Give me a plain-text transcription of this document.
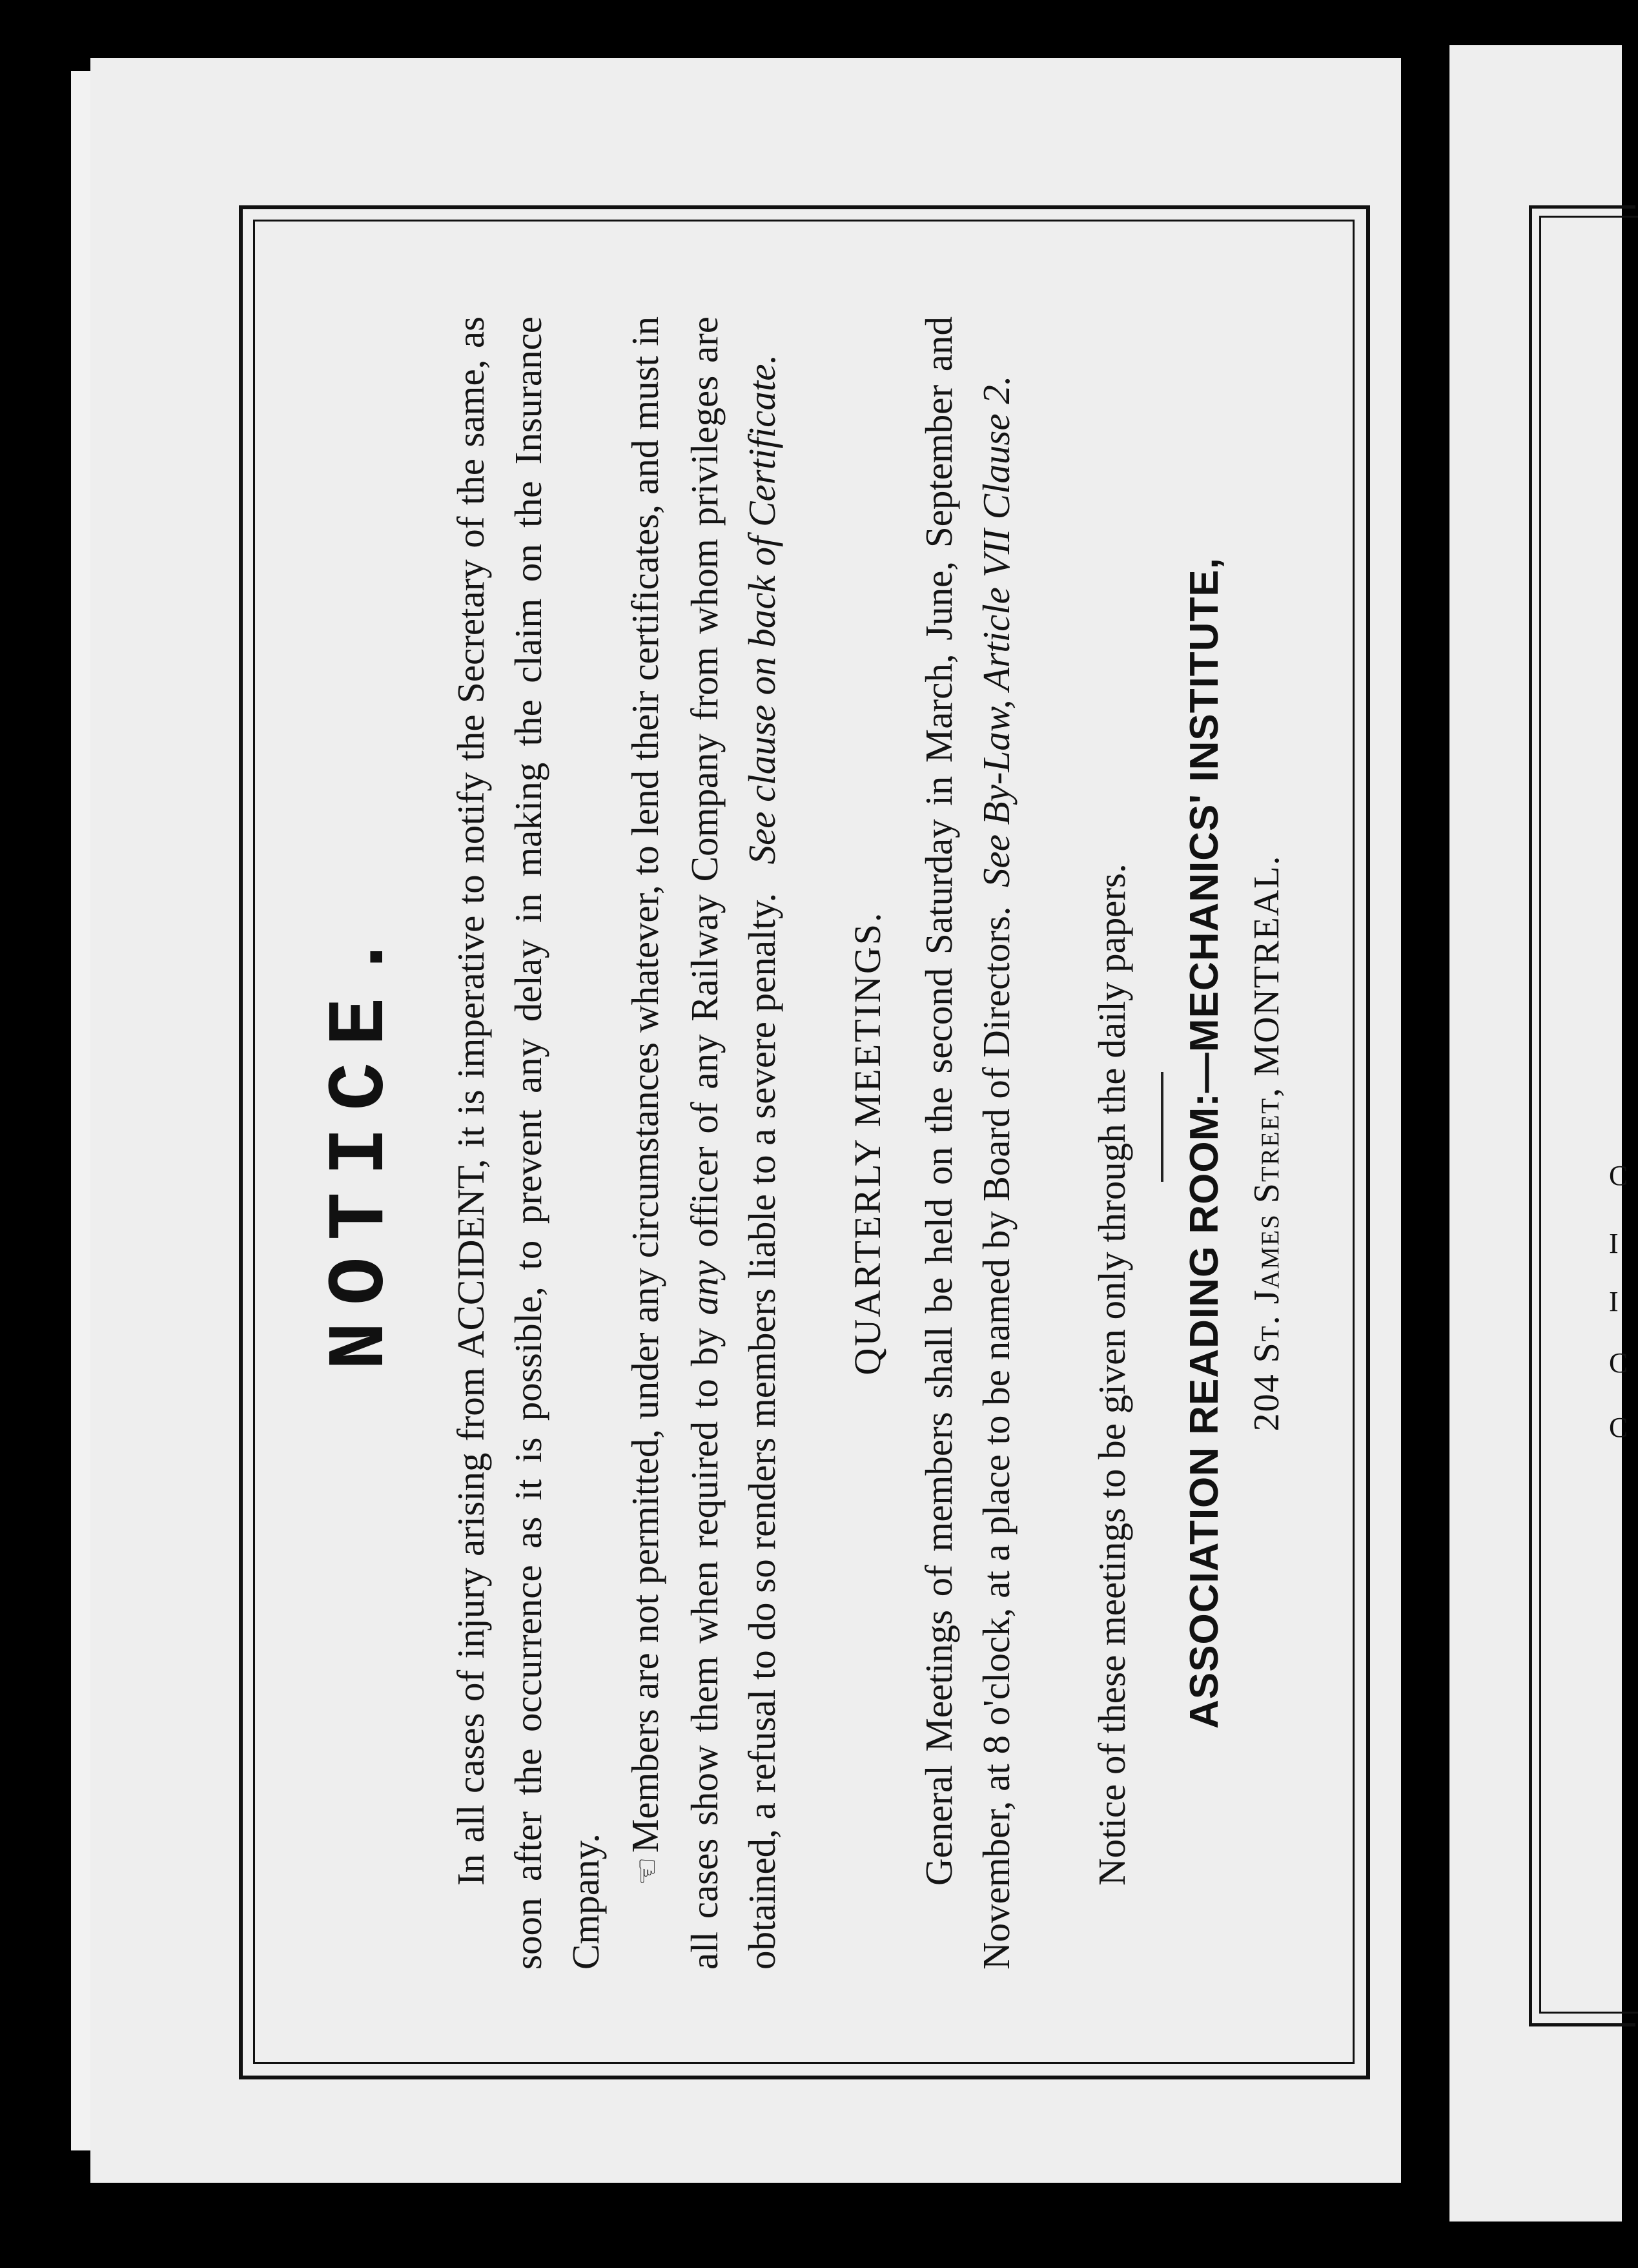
C
I
I
C
C
NOTICE. In all cases of injury arising from ACCIDENT, it is imperative to notify the Secretary of the same, as soon after the occurrence as it is possible, to prevent any delay in making the claim on the Insurance Cmpany. ☞Members are not permitted, under any circumstances whatever, to lend their certificates, and must in all cases show them when required to by any officer of any Railway Company from whom privileges are obtained, a refusal to do so renders members liable to a severe penalty.   See clause on back of Certificate.
QUARTERLY MEETINGS. General Meetings of members shall be held on the second Saturday in March, June, September and November, at 8 o'clock, at a place to be named by Board of Directors.  See By-Law, Article VII Clause 2.
Notice of these meetings to be given only through the daily papers. ASSOCIATION READING ROOM:—MECHANICS' INSTITUTE, 204 St. James Street, MONTREAL.
